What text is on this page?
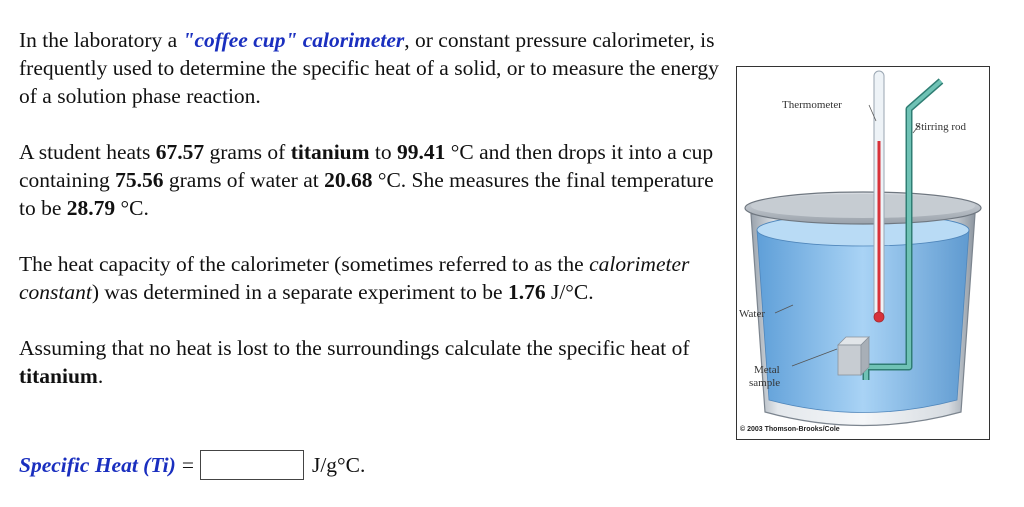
In the laboratory a "coffee cup" calorimeter, or constant pressure calorimeter, is frequently used to determine the specific heat of a solid, or to measure the energy of a solution phase reaction.

A student heats 67.57 grams of titanium to 99.41 °C and then drops it into a cup containing 75.56 grams of water at 20.68 °C. She measures the final temperature to be 28.79 °C.

The heat capacity of the calorimeter (sometimes referred to as the calorimeter constant) was determined in a separate experiment to be 1.76 J/°C.

Assuming that no heat is lost to the surroundings calculate the specific heat of titanium.

Specific Heat (Ti) =	J/g°C.
Thermometer
Stirring rod
Water
Metal
sample
© 2003 Thomson-Brooks/Cole
